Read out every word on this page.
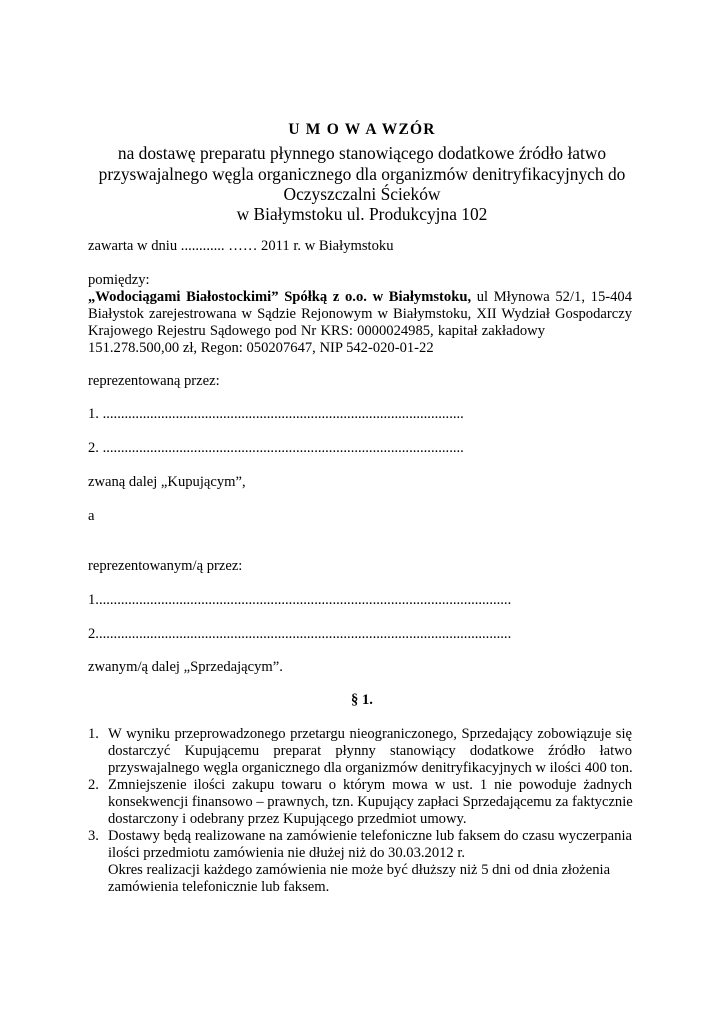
U M O W A WZÓR
na dostawę preparatu płynnego stanowiącego dodatkowe źródło łatwo
przyswajalnego węgla organicznego dla organizmów denitryfikacyjnych do
Oczyszczalni Ścieków
w Białymstoku ul. Produkcyjna 102
zawarta w dniu ............ …… 2011 r. w Białymstoku
pomiędzy:
„Wodociągami Białostockimi” Spółką z o.o. w Białymstoku, ul Młynowa 52/1, 15-404
Białystok zarejestrowana w Sądzie Rejonowym w Białymstoku, XII Wydział Gospodarczy
Krajowego Rejestru Sądowego pod Nr KRS: 0000024985, kapitał zakładowy
151.278.500,00 zł, Regon: 050207647, NIP 542-020-01-22
reprezentowaną przez:
1. ...................................................................................................
2. ...................................................................................................
zwaną dalej „Kupującym”,
a
reprezentowanym/ą przez:
1..................................................................................................................
2..................................................................................................................
zwanym/ą dalej „Sprzedającym”.
§ 1.
1. W wyniku przeprowadzonego przetargu nieograniczonego, Sprzedający zobowiązuje się
dostarczyć Kupującemu preparat płynny stanowiący dodatkowe źródło łatwo
przyswajalnego węgla organicznego dla organizmów denitryfikacyjnych w ilości 400 ton.
2. Zmniejszenie ilości zakupu towaru o którym mowa w ust. 1 nie powoduje żadnych
konsekwencji finansowo – prawnych, tzn. Kupujący zapłaci Sprzedającemu za faktycznie
dostarczony i odebrany przez Kupującego przedmiot umowy.
3. Dostawy będą realizowane na zamówienie telefoniczne lub faksem do czasu wyczerpania
ilości przedmiotu zamówienia nie dłużej niż do 30.03.2012 r.
Okres realizacji każdego zamówienia nie może być dłuższy niż 5 dni od dnia złożenia
zamówienia telefonicznie lub faksem.
